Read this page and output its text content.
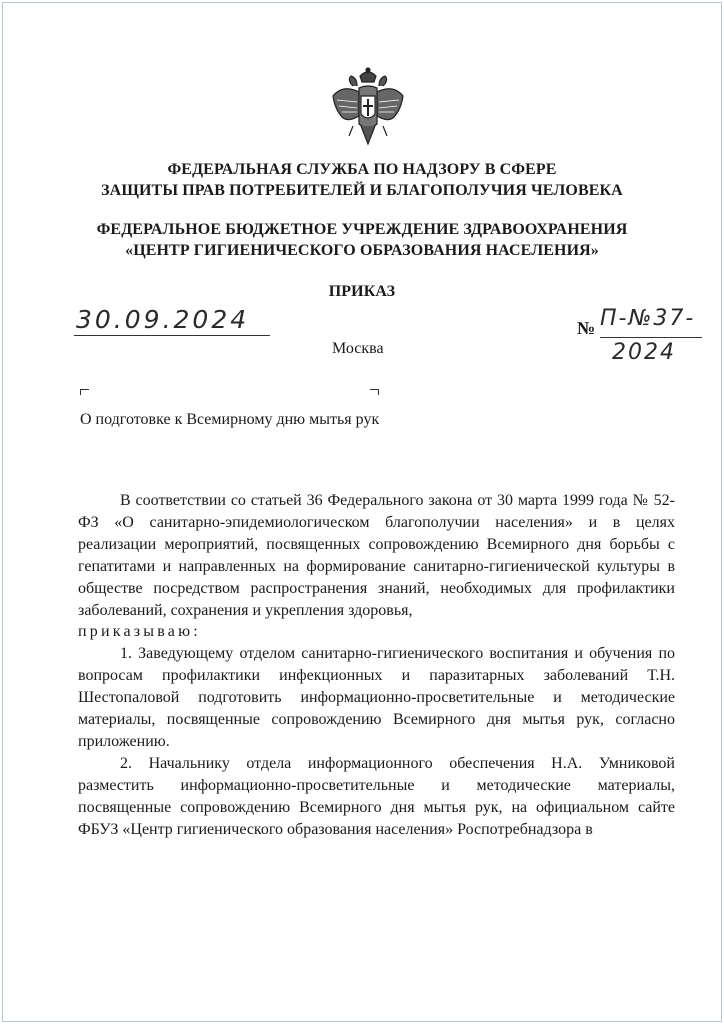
ФЕДЕРАЛЬНАЯ СЛУЖБА ПО НАДЗОРУ В СФЕРЕ
ЗАЩИТЫ ПРАВ ПОТРЕБИТЕЛЕЙ И БЛАГОПОЛУЧИЯ ЧЕЛОВЕКА
ФЕДЕРАЛЬНОЕ БЮДЖЕТНОЕ УЧРЕЖДЕНИЕ ЗДРАВООХРАНЕНИЯ
«ЦЕНТР ГИГИЕНИЧЕСКОГО ОБРАЗОВАНИЯ НАСЕЛЕНИЯ»
ПРИКАЗ
30.09.2024	№ П-№37-
2024
Москва
О подготовке к Всемирному дню мытья рук

В соответствии со статьей 36 Федерального закона от 30 марта 1999 года № 52-ФЗ «О санитарно-эпидемиологическом благополучии населения» и в целях реализации мероприятий, посвященных сопровождению Всемирного дня борьбы с гепатитами и направленных на формирование санитарно-гигиенической культуры в обществе посредством распространения знаний, необходимых для профилактики заболеваний, сохранения и укрепления здоровья,

приказываю:

1. Заведующему отделом санитарно-гигиенического воспитания и обучения по вопросам профилактики инфекционных и паразитарных заболеваний Т.Н. Шестопаловой подготовить информационно-просветительные и методические материалы, посвященные сопровождению Всемирного дня мытья рук, согласно приложению.

2. Начальнику отдела информационного обеспечения Н.А. Умниковой разместить информационно-просветительные и методические материалы, посвященные сопровождению Всемирного дня мытья рук, на официальном сайте ФБУЗ «Центр гигиенического образования населения» Роспотребнадзора в
